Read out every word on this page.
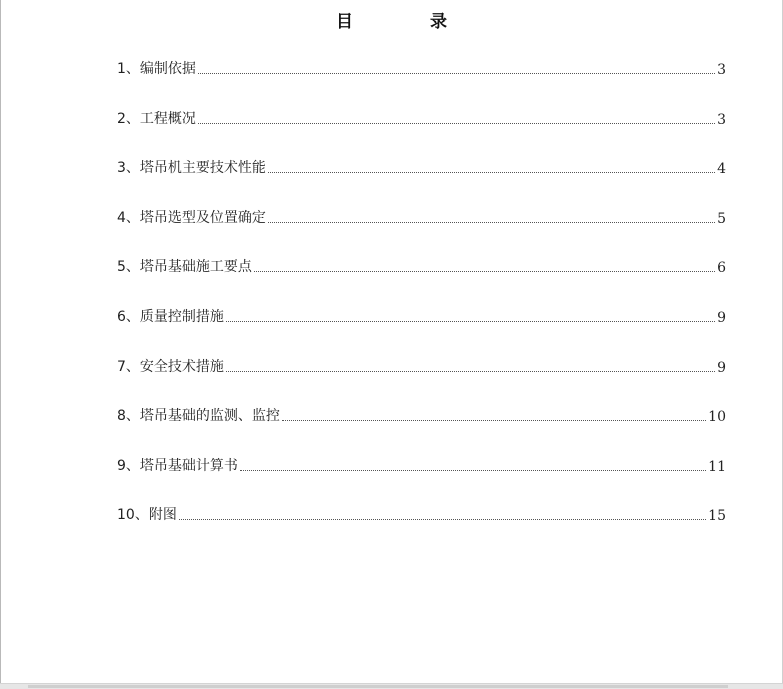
目　录
1、编制依据	3
2、工程概况	3
3、塔吊机主要技术性能	4
4、塔吊选型及位置确定	5
5、塔吊基础施工要点	6
6、质量控制措施	9
7、安全技术措施	9
8、塔吊基础的监测、监控	10
9、塔吊基础计算书	11
10、附图	15
